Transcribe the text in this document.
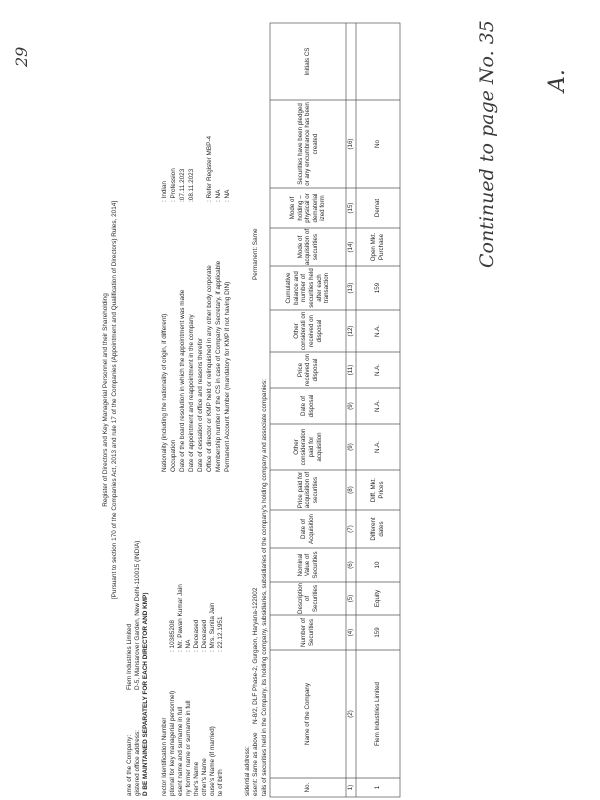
Register of Directors and Key Managerial Personnel and their Shareholding [Pursuant to section 170 of the Companies Act, 2013 and rule 17 of the Companies (Appointment and Qualification of Directors) Rules, 2014]
ame of the Company:
Fiem Industries Limited
gistered office address:
D-5, Mansarover Garden, New Delhi-110015 (INDIA) D BE MAINTAINED SEPARATELY FOR EACH DIRECTOR AND KMP) rector Identification Number ptional for key managerial personnel)
: 10385208
esent name and surname in full
: Mr. Pawan Kumar Jain
ny former name or surname in full
: NA
ther's Name
: Deceased
other's Name
: Deceased
ouse's Name (if married)
: Mrs. Sunita Jain
te of birth
: 22.12.1951
Nationality (including the nationality of origin, if different)
: Indian
Occupation
: Profession
Date of the board resolution in which the appointment was made
:07.11.2023
Date of appointment and reappointment in the company
:08.11.2023
Date of cessation of office and reasons therefor Office of director or KMP held or relinquished in any other body corporate
: Refer Register MBP-4
Membership number of the CS in case of Company Secretary, if applicable
: NA
Permanent Account Number (mandatory for KMP if not having DIN)
: NA
sidential address: esent: Same as above
N-8/2, DLF Phase-2, Gurgaon, Haryana-122002
Permanent: Same
tails of securities held in the Company, its holding company, subsidiaries, subsidiaries of the company's holding company and associate companies:	No.
Name of the Company
Number of Securities
Description of Securities
Nominal Value of Securities
Date of Acquisition
Price paid for acquisition of securities
Other consideration paid for acquisition
Date of disposal
Price received on disposal
Other considerati on received on disposal
Cumulative balance and number of securities held after each transaction
Mode of acquisition of securities
Mode of holding – physical or dematerial ized form
Securities have been pledged or any encumbrance has been created
Initials CS
1)
(2)
(4)
(5)
(6)
(7)
(8)
(9)
(9)
(11)
(12)
(13)
(14)
(15)
(16)
1
Fiem Industries Limited
159
Equity
10
Different dates
Diff. Mkt. Prices
N.A.
N.A.
N.A.
N.A.
159
Open Mkt. Purchase
Demat
No
29	Continued to page No. 35 A.
